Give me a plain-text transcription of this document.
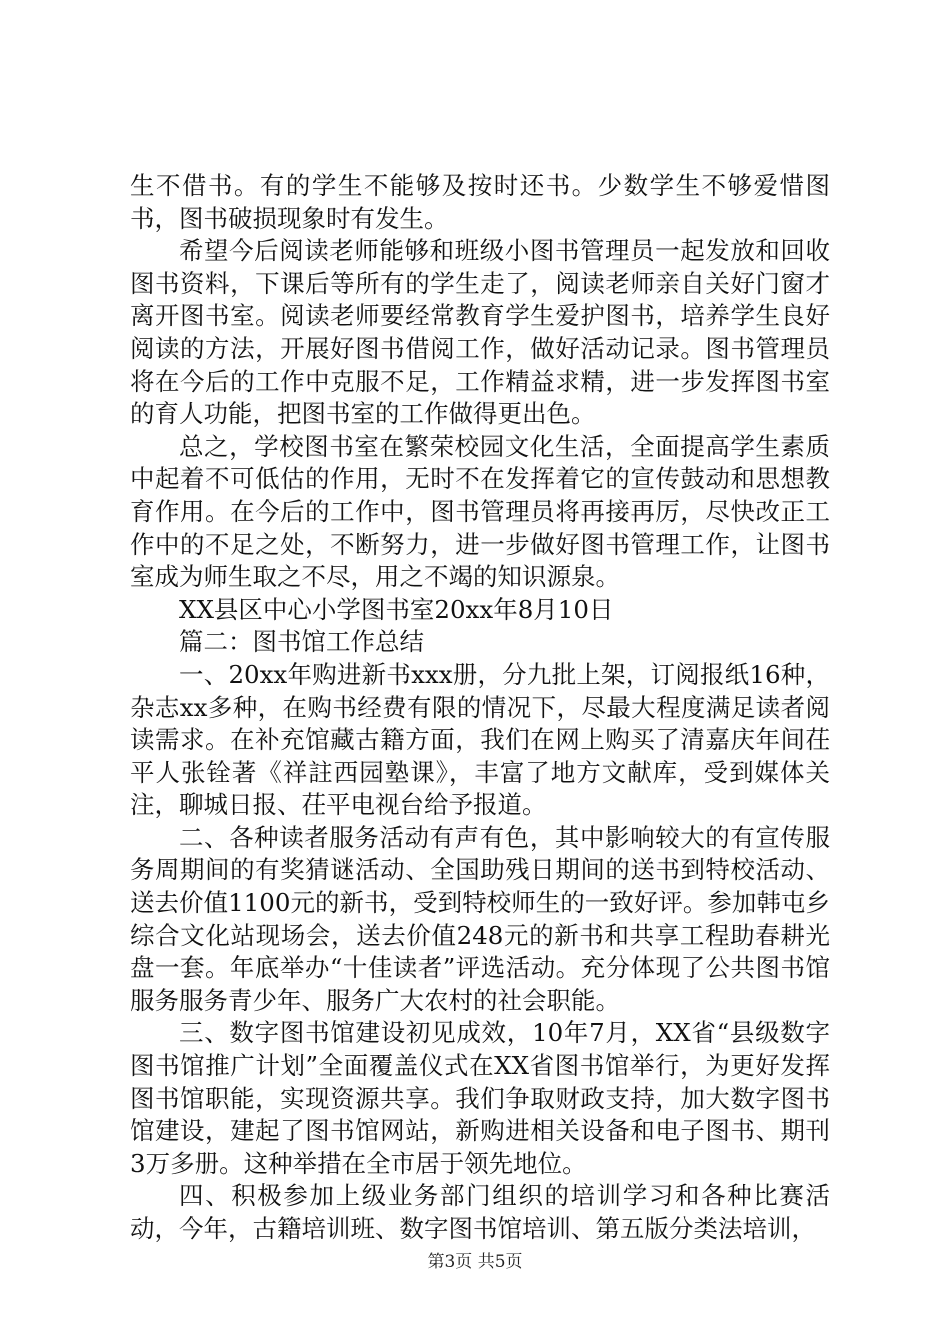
生不借书。有的学生不能够及按时还书。少数学生不够爱惜图书，图书破损现象时有发生。

希望今后阅读老师能够和班级小图书管理员一起发放和回收图书资料，下课后等所有的学生走了，阅读老师亲自关好门窗才离开图书室。阅读老师要经常教育学生爱护图书，培养学生良好阅读的方法，开展好图书借阅工作，做好活动记录。图书管理员将在今后的工作中克服不足，工作精益求精，进一步发挥图书室的育人功能，把图书室的工作做得更出色。

总之，学校图书室在繁荣校园文化生活，全面提高学生素质中起着不可低估的作用，无时不在发挥着它的宣传鼓动和思想教育作用。在今后的工作中，图书管理员将再接再厉，尽快改正工作中的不足之处，不断努力，进一步做好图书管理工作，让图书室成为师生取之不尽，用之不竭的知识源泉。

XX县区中心小学图书室20xx年8月10日

篇二：图书馆工作总结

一、20xx年购进新书xxx册，分九批上架，订阅报纸16种，杂志xx多种，在购书经费有限的情况下，尽最大程度满足读者阅读需求。在补充馆藏古籍方面，我们在网上购买了清嘉庆年间茌平人张铨著《祥註西园塾课》，丰富了地方文献库，受到媒体关注，聊城日报、茌平电视台给予报道。

二、各种读者服务活动有声有色，其中影响较大的有宣传服务周期间的有奖猜谜活动、全国助残日期间的送书到特校活动、送去价值1100元的新书，受到特校师生的一致好评。参加韩屯乡综合文化站现场会，送去价值248元的新书和共享工程助春耕光盘一套。年底举办“十佳读者”评选活动。充分体现了公共图书馆服务服务青少年、服务广大农村的社会职能。

三、数字图书馆建设初见成效，10年7月，XX省“县级数字图书馆推广计划”全面覆盖仪式在XX省图书馆举行，为更好发挥图书馆职能，实现资源共享。我们争取财政支持，加大数字图书馆建设，建起了图书馆网站，新购进相关设备和电子图书、期刊3万多册。这种举措在全市居于领先地位。

四、积极参加上级业务部门组织的培训学习和各种比赛活动，今年，古籍培训班、数字图书馆培训、第五版分类法培训，

第3页 共5页
